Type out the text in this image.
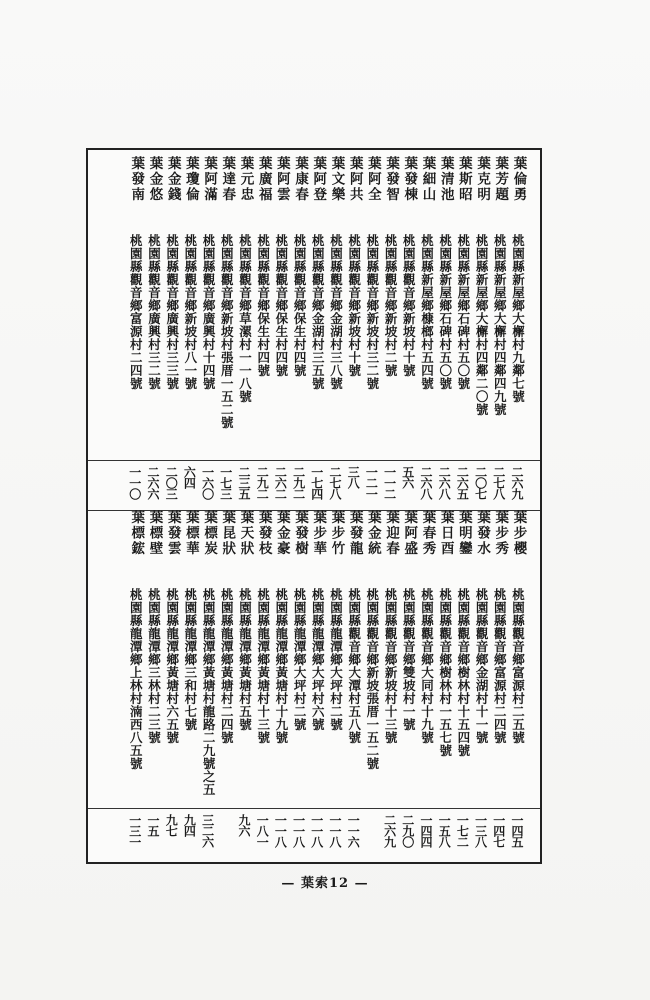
葉倫勇
桃園縣新屋鄉大檞村九鄰七號
二六九
葉芳題
桃園縣新屋鄉大檞村四鄰四九號
二七八
葉克明
桃園縣新屋鄉大檞村四鄰二〇號
二〇七
葉斯昭
桃園縣新屋鄉石碑村五〇號
二六五
葉清池
桃園縣新屋鄉石碑村五〇號
二六八
葉細山
桃園縣新屋鄉槺榔村五四號
二六八
葉發棟
桃園縣觀音鄉新坡村十號
五六
葉發智
桃園縣觀音鄉新坡村二號
一一二
葉阿全
桃園縣觀音鄉新坡村三二號
一二一
葉阿共
桃園縣觀音鄉新坡村十號
三八
葉文樂
桃園縣觀音鄉金湖村三八號
二七八
葉阿登
桃園縣觀音鄉金湖村三五號
一七四
葉康春
桃園縣觀音鄉保生村四號
二九二
葉阿雲
桃園縣觀音鄉保生村四號
二六二
葉廣福
桃園縣觀音鄉保生村四號
二九二
葉元忠
桃園縣觀音鄉草漯村一一八號
二三五
葉達春
桃園縣觀音鄉新坡村張厝一五二號
一七三
葉阿滿
桃園縣觀音鄉廣興村十四號
一六〇
葉瓊倫
桃園縣觀音鄉新坡村八一號
六四
葉金錢
桃園縣觀音鄉廣興村三三號
二〇三
葉金悠
桃園縣觀音鄉廣興村三二號
二六六
葉發南
桃園縣觀音鄉富源村二四號
一一〇
葉步櫻
桃園縣觀音鄉富源村二五號
一四五
葉步秀
桃園縣觀音鄉富源村二四號
一四七
葉發水
桃園縣觀音鄉金湖村十一號
一三八
葉明鑾
桃園縣觀音鄉樹林村十五四號
一七二
葉日酉
桃園縣觀音鄉樹林村一五七號
一五八
葉春秀
桃園縣觀音鄉大同村十九號
一四四
葉阿盛
桃園縣觀音鄉雙坡村一號
二九〇
葉迎春
桃園縣觀音鄉新坡村十三號
二六九
葉金統
桃園縣觀音鄉新坡張厝一五二號
葉發龍
桃園縣觀音鄉大潭村五八號
一一六
葉步竹
桃園縣龍潭鄉大坪村二號
一一八
葉步華
桃園縣龍潭鄉大坪村六號
一一八
葉發樹
桃園縣龍潭鄉大坪村二號
一一八
葉金豪
桃園縣龍潭鄉黃塘村十九號
一一八
葉發枝
桃園縣龍潭鄉黃塘村十三號
一八一
葉天狀
桃園縣龍潭鄉黃塘村五號
九六
葉昆狀
桃園縣龍潭鄉黃塘村二四號
葉標炭
桃園縣龍潭鄉黃塘村龍路二九號之五
三二六
葉標華
桃園縣龍潭鄉三和村七號
九四
葉發雲
桃園縣龍潭鄉黃塘村六五號
九七
葉標壁
桃園縣龍潭鄉三林村二三號
一五
葉標鋐
桃園縣龍潭鄉上林村湳西八五號
一三一
— 葉索12 —
